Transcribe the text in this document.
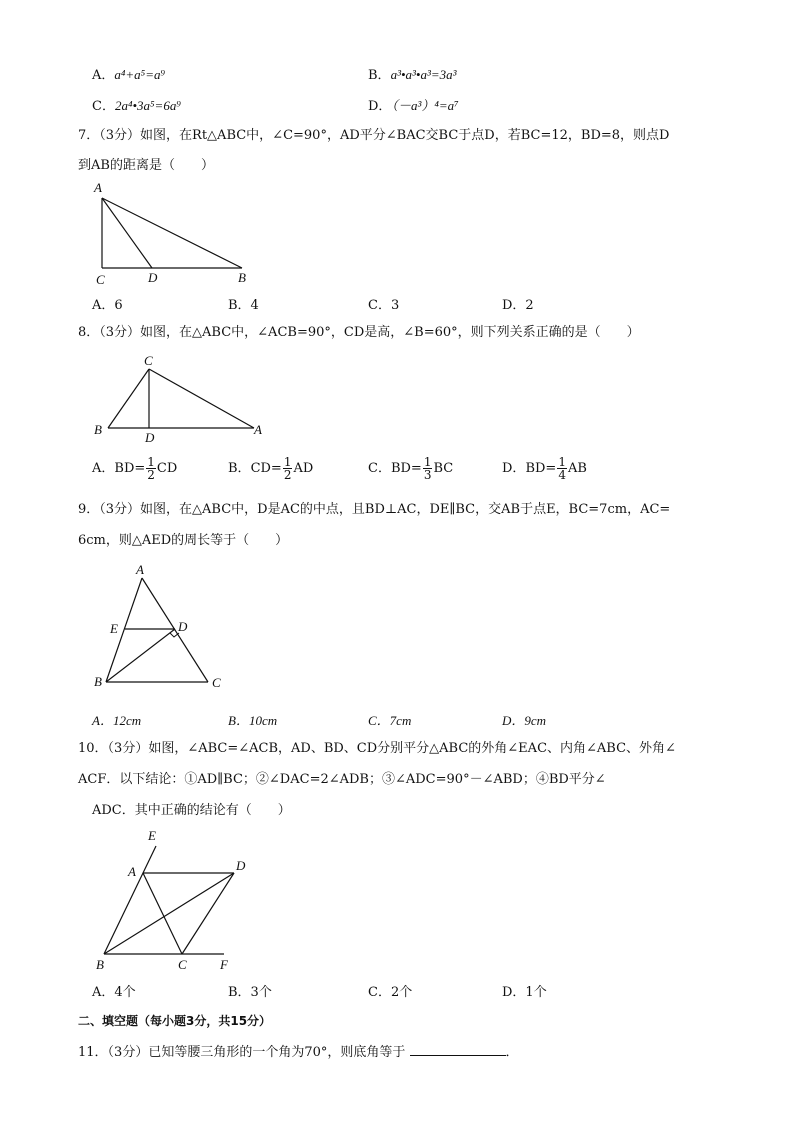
A．a⁴+a⁵=a⁹	B．a³•a³•a³=3a³
C．2a⁴•3a⁵=6a⁹	D．（－a³）⁴=a⁷
7．（3分）如图，在Rt△ABC中，∠C=90°，AD平分∠BAC交BC于点D，若BC=12，BD=8，则点D
到AB的距离是（　　）
A
C	D	B
A．6	B．4	C．3	D．2
8．（3分）如图，在△ABC中，∠ACB=90°，CD是高，∠B=60°，则下列关系正确的是（　　）
C
B
D
A
A．$BD= \frac{1}{2}$ CD	B．$CD= \frac{1}{2}$ AD	C．$BD= \frac{1}{3}$ BC	D．$BD= \frac{1}{4}$ AB
9．（3分）如图，在△ABC中，D是AC的中点，且BD⊥AC，DE∥BC，交AB于点E，BC=7cm，AC=
6cm，则△AED的周长等于（　　）
A
E	D
B	C
A．12cm	B．10cm	C．7cm	D．9cm
10．（3分）如图，∠ABC=∠ACB，AD、BD、CD分别平分△ABC的外角∠EAC、内角∠ABC、外角∠
ACF．以下结论：①AD∥BC；②∠DAC=2∠ADB；③∠ADC=90°－∠ABD；④BD平分∠
ADC．其中正确的结论有（　　）
E
A	D
B	C	F
A．4个	B．3个	C．2个	D．1个
二、填空题（每小题3分，共15分）
11．（3分）已知等腰三角形的一个角为70°，则底角等于	．
